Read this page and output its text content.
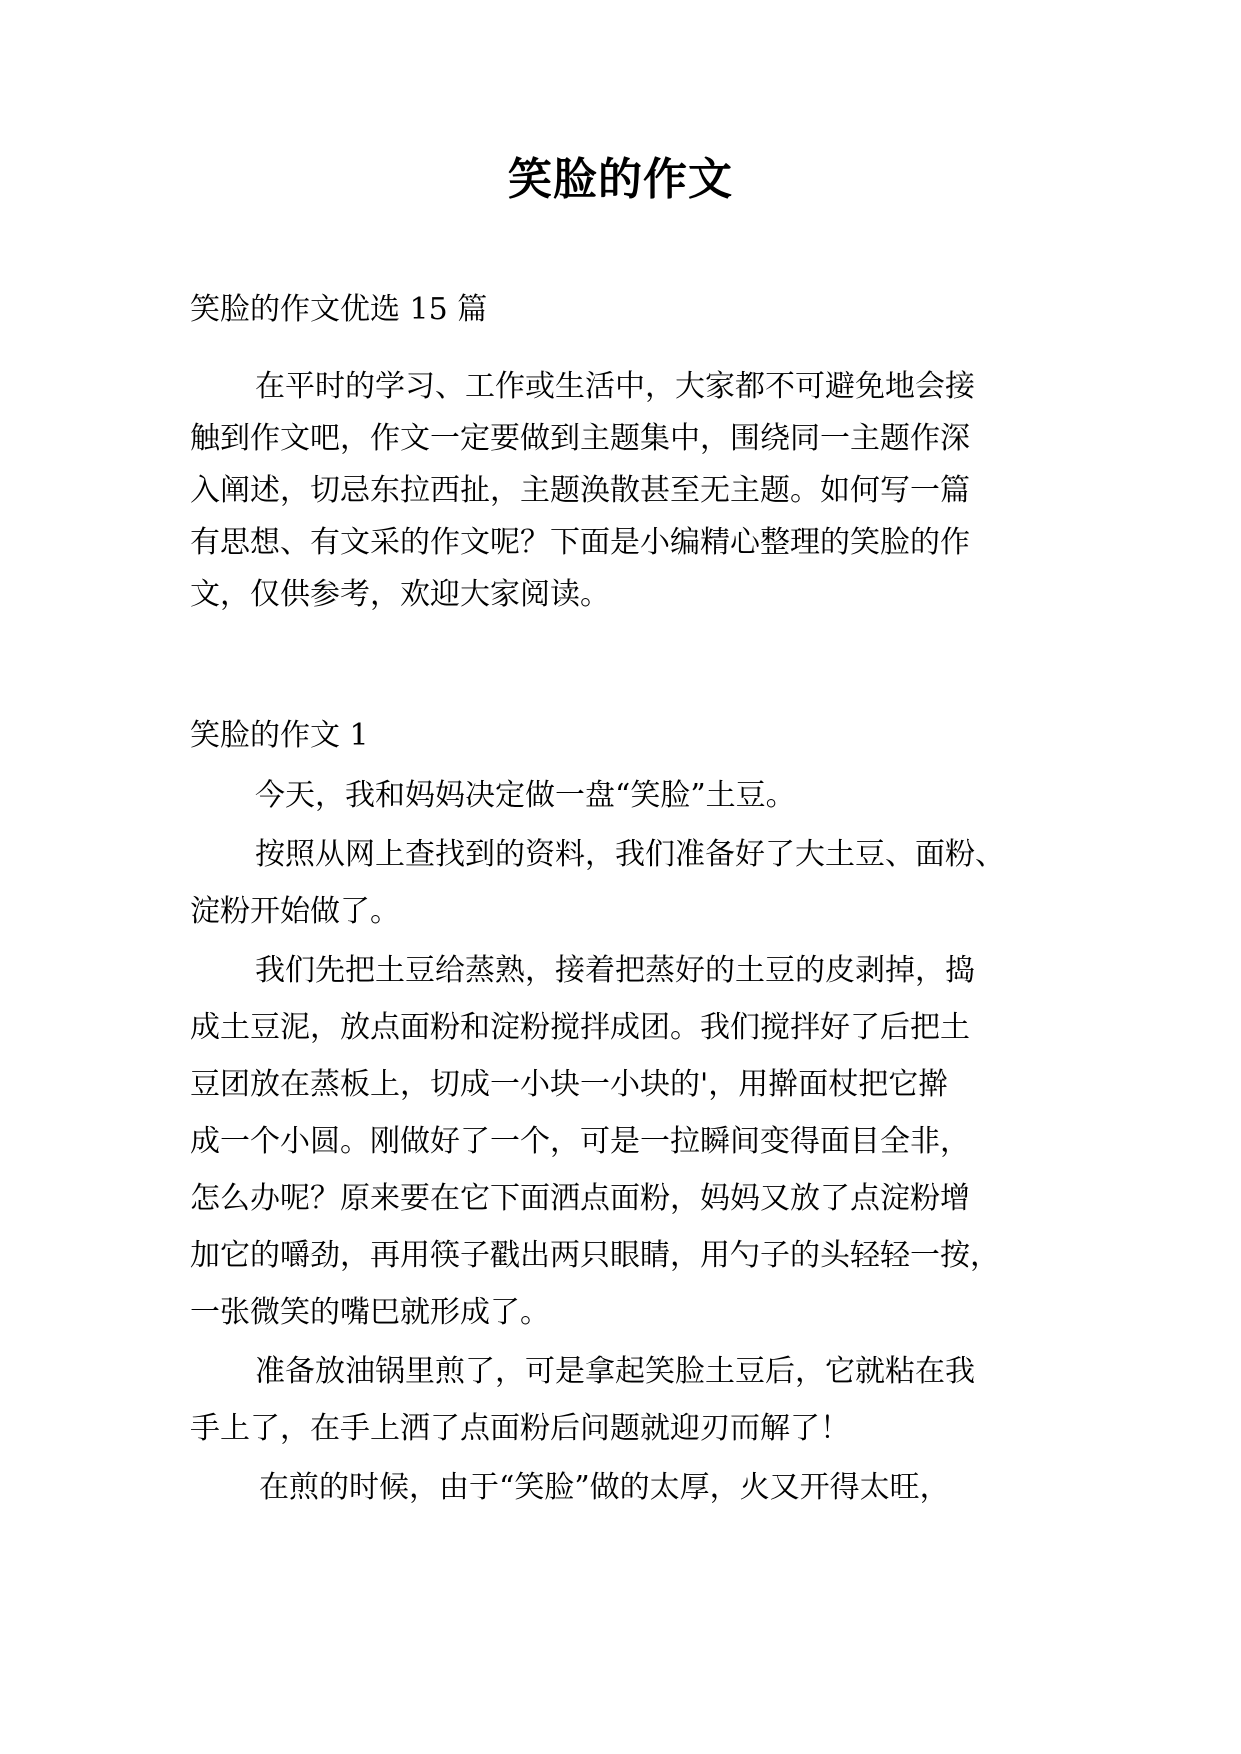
笑脸的作文
笑脸的作文优选 15 篇
在平时的学习、工作或生活中，大家都不可避免地会接
触到作文吧，作文一定要做到主题集中，围绕同一主题作深
入阐述，切忌东拉西扯，主题涣散甚至无主题。如何写一篇
有思想、有文采的作文呢？下面是小编精心整理的笑脸的作
文，仅供参考，欢迎大家阅读。
笑脸的作文 1
今天，我和妈妈决定做一盘“笑脸”土豆。
按照从网上查找到的资料，我们准备好了大土豆、面粉、
淀粉开始做了。
我们先把土豆给蒸熟，接着把蒸好的土豆的皮剥掉，捣
成土豆泥，放点面粉和淀粉搅拌成团。我们搅拌好了后把土
豆团放在蒸板上，切成一小块一小块的'，用擀面杖把它擀
成一个小圆。刚做好了一个，可是一拉瞬间变得面目全非，
怎么办呢？原来要在它下面洒点面粉，妈妈又放了点淀粉增
加它的嚼劲，再用筷子戳出两只眼睛，用勺子的头轻轻一按，
一张微笑的嘴巴就形成了。
准备放油锅里煎了，可是拿起笑脸土豆后，它就粘在我
手上了，在手上洒了点面粉后问题就迎刃而解了！
在煎的时候，由于“笑脸”做的太厚，火又开得太旺，
